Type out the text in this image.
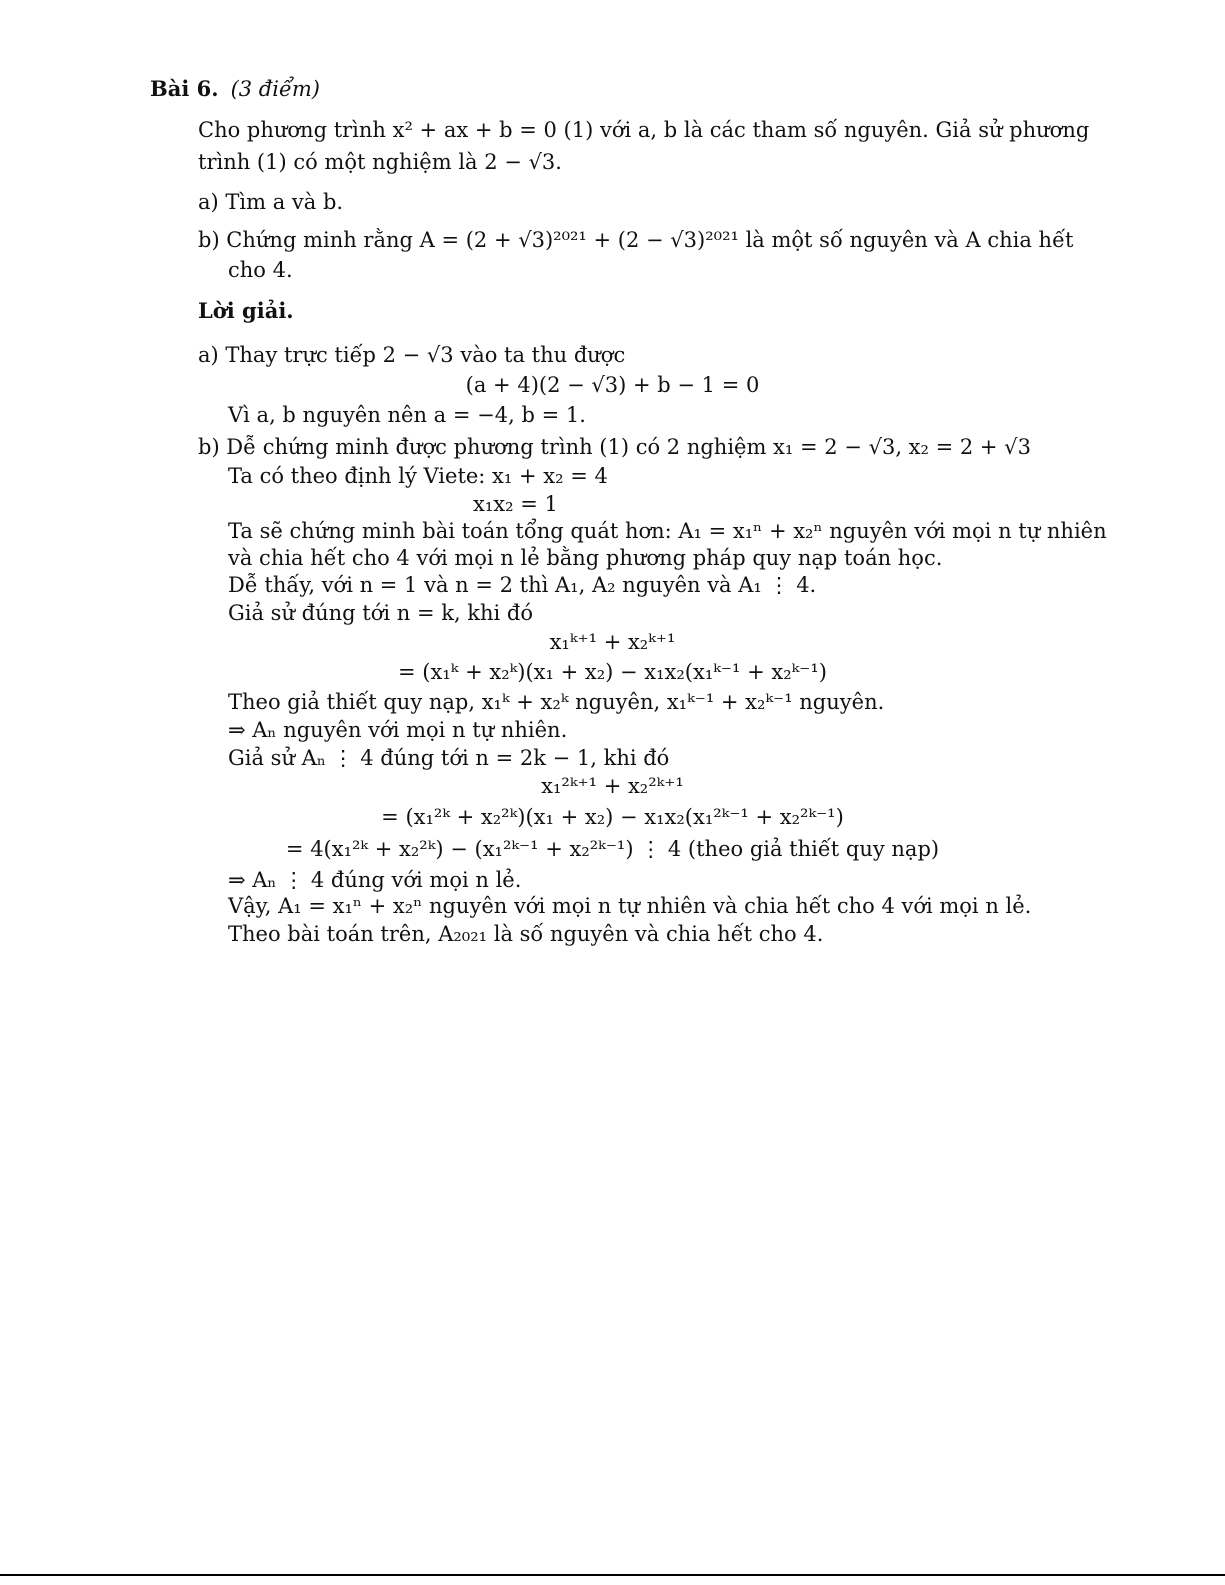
Bài 6. (3 điểm)
Cho phương trình x² + ax + b = 0 (1) với a, b là các tham số nguyên. Giả sử phương
trình (1) có một nghiệm là 2 − √3.
a) Tìm a và b.
b) Chứng minh rằng A = (2 + √3)²⁰²¹ + (2 − √3)²⁰²¹ là một số nguyên và A chia hết
cho 4.
Lời giải.
a) Thay trực tiếp 2 − √3 vào ta thu được
(a + 4)(2 − √3) + b − 1 = 0
Vì a, b nguyên nên a = −4, b = 1.
b) Dễ chứng minh được phương trình (1) có 2 nghiệm x₁ = 2 − √3, x₂ = 2 + √3
Ta có theo định lý Viete: x₁ + x₂ = 4
x₁x₂ = 1
Ta sẽ chứng minh bài toán tổng quát hơn: A₁ = x₁ⁿ + x₂ⁿ nguyên với mọi n tự nhiên
và chia hết cho 4 với mọi n lẻ bằng phương pháp quy nạp toán học.
Dễ thấy, với n = 1 và n = 2 thì A₁, A₂ nguyên và A₁ ⋮ 4.
Giả sử đúng tới n = k, khi đó
x₁ᵏ⁺¹ + x₂ᵏ⁺¹
= (x₁ᵏ + x₂ᵏ)(x₁ + x₂) − x₁x₂(x₁ᵏ⁻¹ + x₂ᵏ⁻¹)
Theo giả thiết quy nạp, x₁ᵏ + x₂ᵏ nguyên, x₁ᵏ⁻¹ + x₂ᵏ⁻¹ nguyên.
⇒ Aₙ nguyên với mọi n tự nhiên.
Giả sử Aₙ ⋮ 4 đúng tới n = 2k − 1, khi đó
x₁²ᵏ⁺¹ + x₂²ᵏ⁺¹
= (x₁²ᵏ + x₂²ᵏ)(x₁ + x₂) − x₁x₂(x₁²ᵏ⁻¹ + x₂²ᵏ⁻¹)
= 4(x₁²ᵏ + x₂²ᵏ) − (x₁²ᵏ⁻¹ + x₂²ᵏ⁻¹) ⋮ 4 (theo giả thiết quy nạp)
⇒ Aₙ ⋮ 4 đúng với mọi n lẻ.
Vậy, A₁ = x₁ⁿ + x₂ⁿ nguyên với mọi n tự nhiên và chia hết cho 4 với mọi n lẻ.
Theo bài toán trên, A₂₀₂₁ là số nguyên và chia hết cho 4.
